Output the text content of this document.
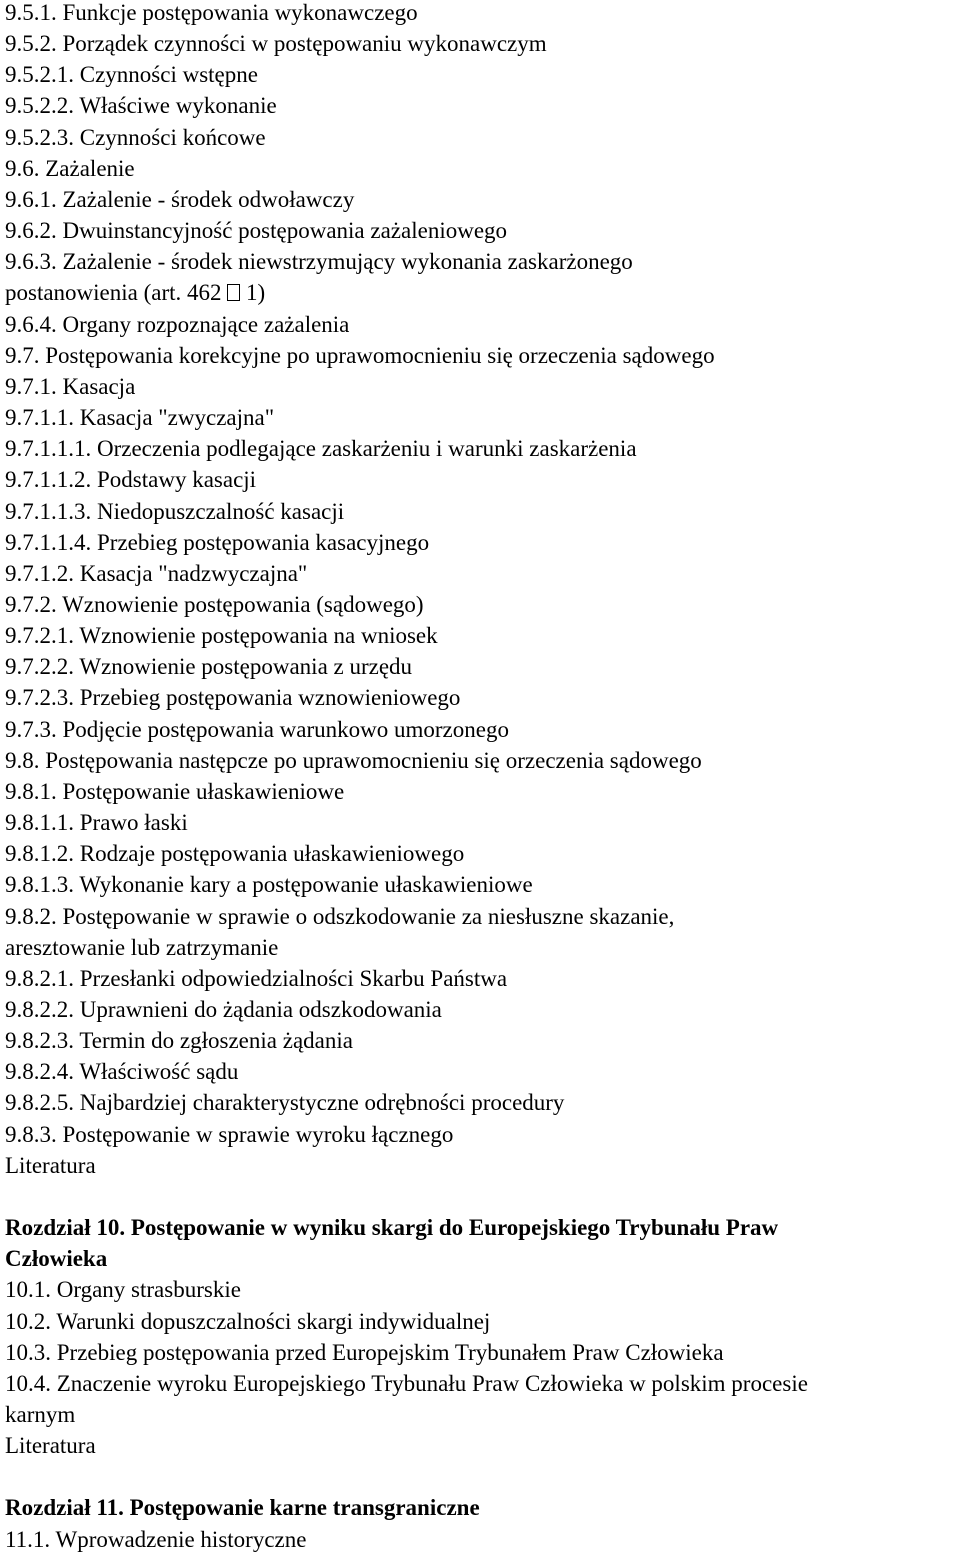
9.5.1. Funkcje postępowania wykonawczego
9.5.2. Porządek czynności w postępowaniu wykonawczym
9.5.2.1. Czynności wstępne
9.5.2.2. Właściwe wykonanie
9.5.2.3. Czynności końcowe
9.6. Zażalenie
9.6.1. Zażalenie - środek odwoławczy
9.6.2. Dwuinstancyjność postępowania zażaleniowego
9.6.3. Zażalenie - środek niewstrzymujący wykonania zaskarżonego
postanowienia (art. 462  1)
9.6.4. Organy rozpoznające zażalenia
9.7. Postępowania korekcyjne po uprawomocnieniu się orzeczenia sądowego
9.7.1. Kasacja
9.7.1.1. Kasacja "zwyczajna"
9.7.1.1.1. Orzeczenia podlegające zaskarżeniu i warunki zaskarżenia
9.7.1.1.2. Podstawy kasacji
9.7.1.1.3. Niedopuszczalność kasacji
9.7.1.1.4. Przebieg postępowania kasacyjnego
9.7.1.2. Kasacja "nadzwyczajna"
9.7.2. Wznowienie postępowania (sądowego)
9.7.2.1. Wznowienie postępowania na wniosek
9.7.2.2. Wznowienie postępowania z urzędu
9.7.2.3. Przebieg postępowania wznowieniowego
9.7.3. Podjęcie postępowania warunkowo umorzonego
9.8. Postępowania następcze po uprawomocnieniu się orzeczenia sądowego
9.8.1. Postępowanie ułaskawieniowe
9.8.1.1. Prawo łaski
9.8.1.2. Rodzaje postępowania ułaskawieniowego
9.8.1.3. Wykonanie kary a postępowanie ułaskawieniowe
9.8.2. Postępowanie w sprawie o odszkodowanie za niesłuszne skazanie,
aresztowanie lub zatrzymanie
9.8.2.1. Przesłanki odpowiedzialności Skarbu Państwa
9.8.2.2. Uprawnieni do żądania odszkodowania
9.8.2.3. Termin do zgłoszenia żądania
9.8.2.4. Właściwość sądu
9.8.2.5. Najbardziej charakterystyczne odrębności procedury
9.8.3. Postępowanie w sprawie wyroku łącznego
Literatura
Rozdział 10. Postępowanie w wyniku skargi do Europejskiego Trybunału Praw
Człowieka
10.1. Organy strasburskie
10.2. Warunki dopuszczalności skargi indywidualnej
10.3. Przebieg postępowania przed Europejskim Trybunałem Praw Człowieka
10.4. Znaczenie wyroku Europejskiego Trybunału Praw Człowieka w polskim procesie
karnym
Literatura
Rozdział 11. Postępowanie karne transgraniczne
11.1. Wprowadzenie historyczne
